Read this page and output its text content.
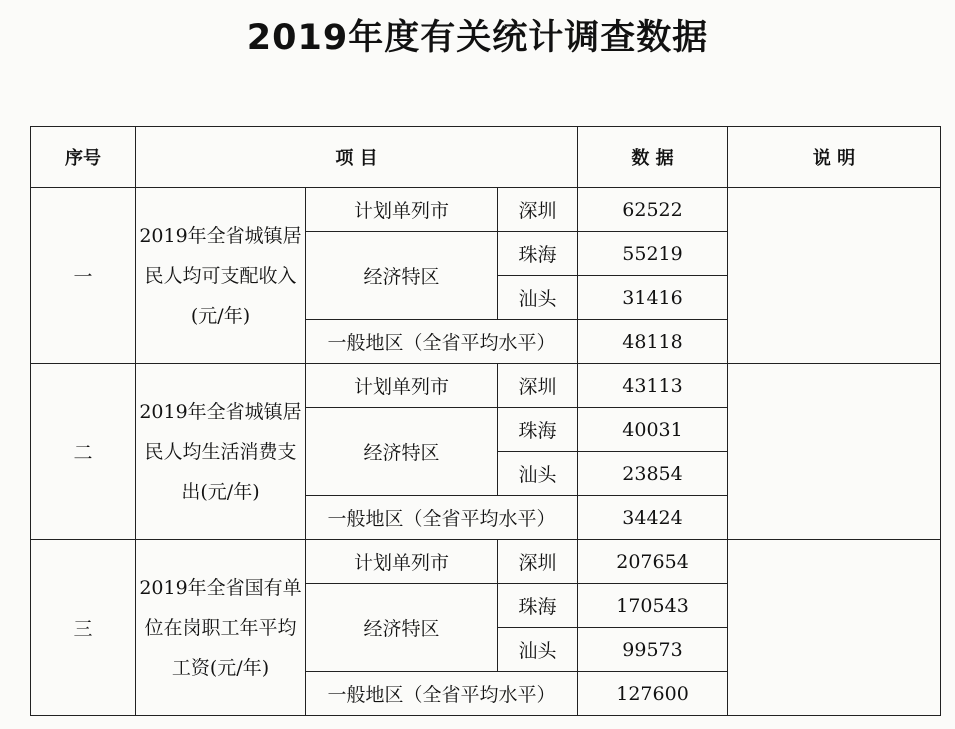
2019年度有关统计调查数据
序号	项 目			数 据	说 明
一	2019年全省城镇居民人均可支配收入(元/年)	计划单列市	深圳	62522	
		经济特区	珠海	55219	
			汕头	31416	
		一般地区（全省平均水平）		48118	
二	2019年全省城镇居民人均生活消费支出(元/年)	计划单列市	深圳	43113	
		经济特区	珠海	40031	
			汕头	23854	
		一般地区（全省平均水平）		34424	
三	2019年全省国有单位在岗职工年平均工资(元/年)	计划单列市	深圳	207654	
		经济特区	珠海	170543	
			汕头	99573	
		一般地区（全省平均水平）		127600	
